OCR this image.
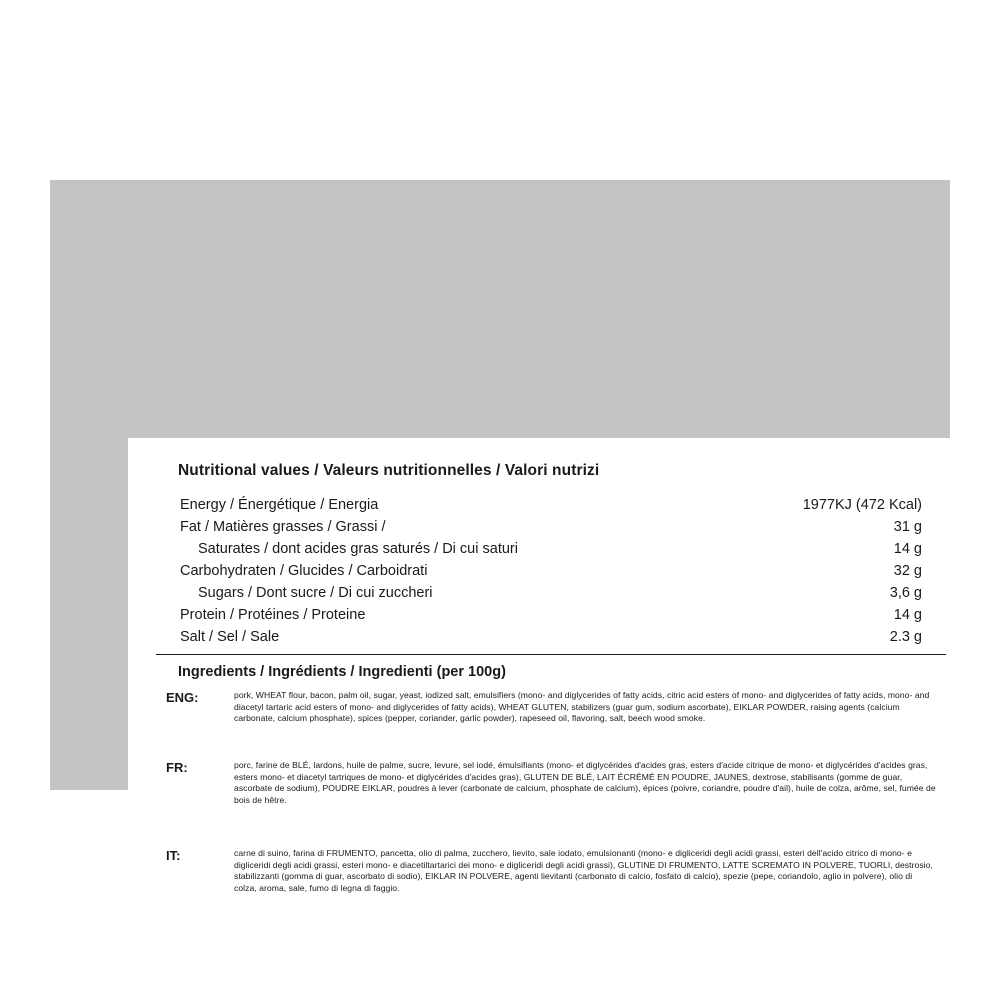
Nutritional values / Valeurs nutritionnelles / Valori nutrizi
Energy / Énergétique / Energia	1977KJ (472 Kcal)
Fat / Matières grasses / Grassi /	31 g
Saturates / dont acides gras saturés / Di cui saturi	14 g
Carbohydraten / Glucides / Carboidrati	32 g
Sugars / Dont sucre / Di cui zuccheri	3,6 g
Protein / Protéines / Proteine	14 g
Salt / Sel / Sale	2.3 g
Ingredients / Ingrédients / Ingredienti (per 100g)
ENG:	pork, WHEAT flour, bacon, palm oil, sugar, yeast, iodized salt, emulsifiers (mono- and diglycerides of fatty acids, citric acid esters of mono- and diglycerides of fatty acids, mono- and diacetyl tartaric acid esters of mono- and diglycerides of fatty acids), WHEAT GLUTEN, stabilizers (guar gum, sodium ascorbate), EIKLAR POWDER, raising agents (calcium carbonate, calcium phosphate), spices (pepper, coriander, garlic powder), rapeseed oil, flavoring, salt, beech wood smoke.
FR:	porc, farine de BLÉ, lardons, huile de palme, sucre, levure, sel iodé, émulsifiants (mono- et diglycérides d'acides gras, esters d'acide citrique de mono- et diglycérides d'acides gras, esters mono- et diacetyl tartriques de mono- et diglycérides d'acides gras), GLUTEN DE BLÉ, LAIT ÉCRÉMÉ EN POUDRE, JAUNES, dextrose, stabilisants (gomme de guar, ascorbate de sodium), POUDRE EIKLAR, poudres à lever (carbonate de calcium, phosphate de calcium), épices (poivre, coriandre, poudre d'ail), huile de colza, arôme, sel, fumée de bois de hêtre.
IT:	carne di suino, farina di FRUMENTO, pancetta, olio di palma, zucchero, lievito, sale iodato, emulsionanti (mono- e digliceridi degli acidi grassi, esteri dell'acido citrico di mono- e digliceridi degli acidi grassi, esteri mono- e diacetiltartarici dei mono- e digliceridi degli acidi grassi), GLUTINE DI FRUMENTO, LATTE SCREMATO IN POLVERE, TUORLI, destrosio, stabilizzanti (gomma di guar, ascorbato di sodio), EIKLAR IN POLVERE, agenti lievitanti (carbonato di calcio, fosfato di calcio), spezie (pepe, coriandolo, aglio in polvere), olio di colza, aroma, sale, fumo di legna di faggio.
